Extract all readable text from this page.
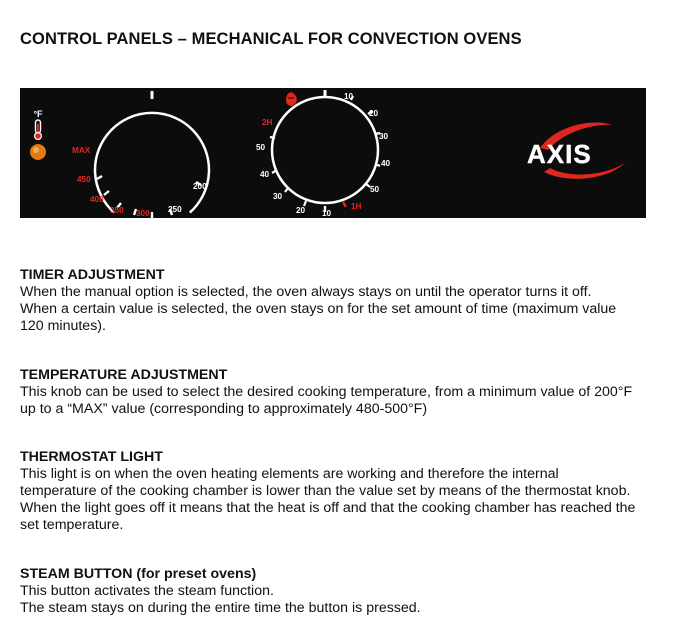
CONTROL PANELS – MECHANICAL FOR CONVECTION OVENS
°F
MAX
450
400
350 300 250
200
10
20
30
40
50
1H
10
20
30
40
50
2H
AXIS
TIMER ADJUSTMENT

When the manual option is selected, the oven always stays on until the operator turns it off.

When a certain value is selected, the oven stays on for the set amount of time (maximum value

120 minutes).

TEMPERATURE ADJUSTMENT

This knob can be used to select the desired cooking temperature, from a minimum value of 200°F

up to a “MAX” value (corresponding to approximately 480-500°F)

THERMOSTAT LIGHT

This light is on when the oven heating elements are working and therefore the internal

temperature of the cooking chamber is lower than the value set by means of the thermostat knob.

When the light goes off it means that the heat is off and that the cooking chamber has reached the

set temperature.

STEAM BUTTON (for preset ovens)

This button activates the steam function.

The steam stays on during the entire time the button is pressed.
